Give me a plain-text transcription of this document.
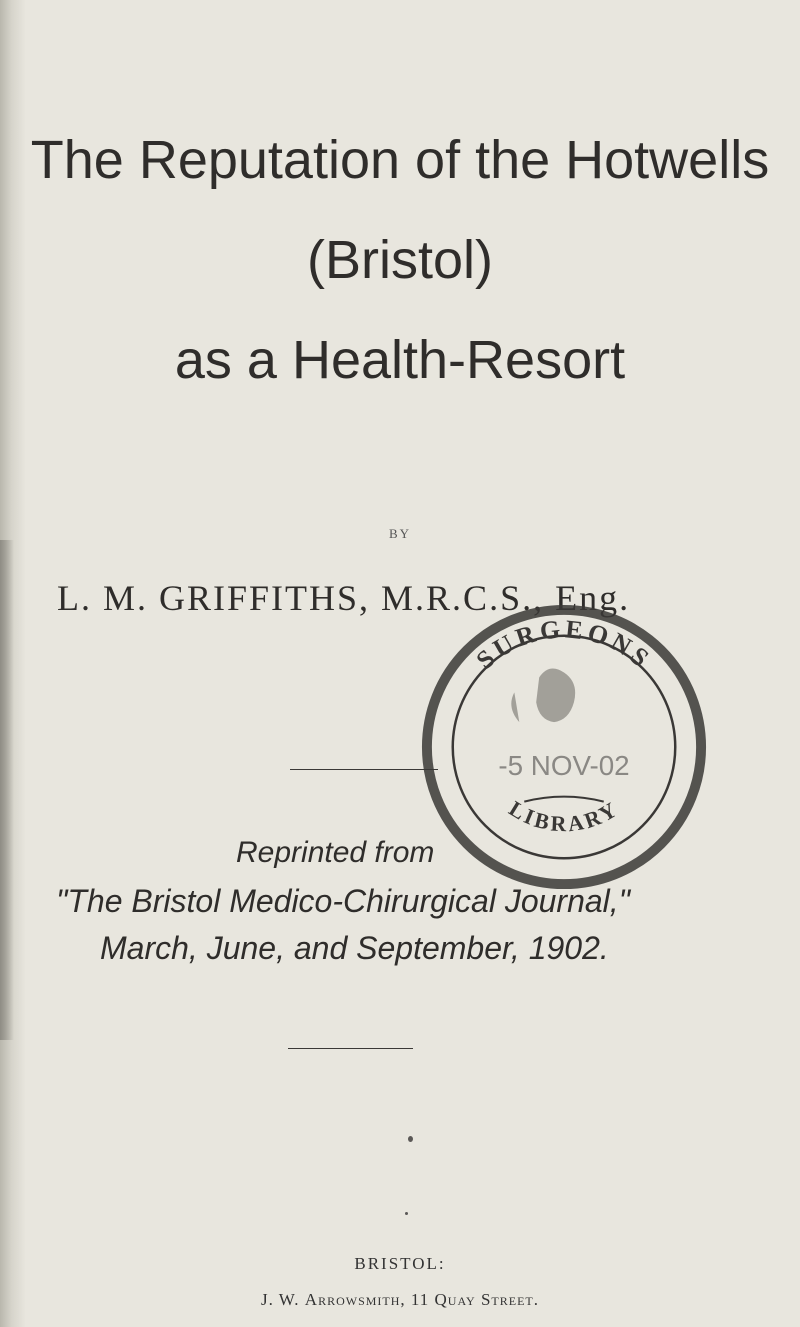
The Reputation of the Hotwells
(Bristol)
as a Health-Resort
BY
L. M. GRIFFITHS, M.R.C.S., Eng.
SURGEONS
LIBRARY
-5 NOV-02
Reprinted from
"The Bristol Medico-Chirurgical Journal,"
March, June, and September, 1902.
BRISTOL:
J. W. Arrowsmith, 11 Quay Street.
